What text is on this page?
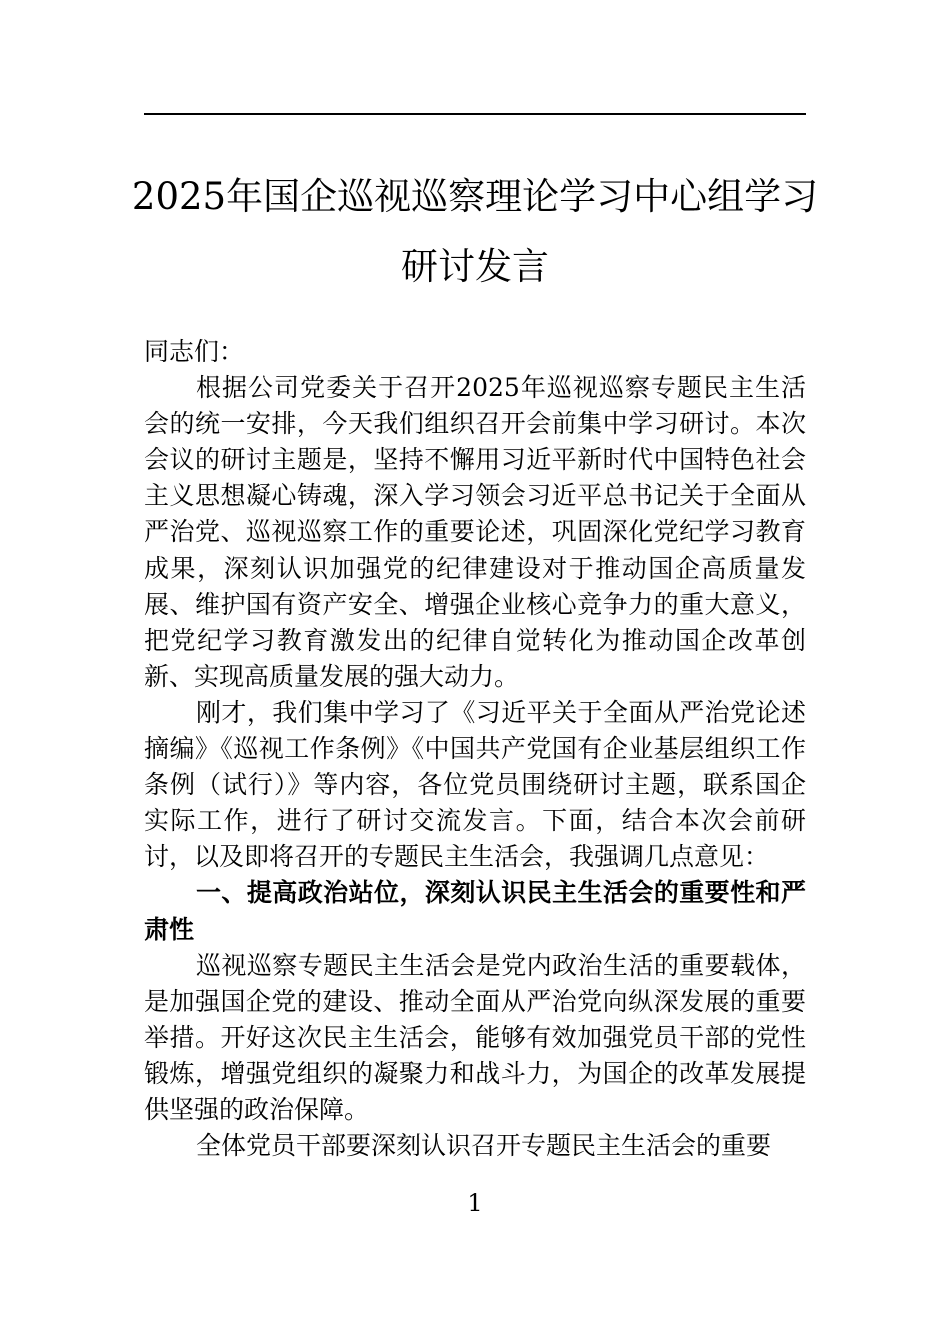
2025年国企巡视巡察理论学习中心组学习
研讨发言

同志们：

根据公司党委关于召开2025年巡视巡察专题民主生活会的统一安排，今天我们组织召开会前集中学习研讨。本次会议的研讨主题是，坚持不懈用习近平新时代中国特色社会主义思想凝心铸魂，深入学习领会习近平总书记关于全面从严治党、巡视巡察工作的重要论述，巩固深化党纪学习教育成果，深刻认识加强党的纪律建设对于推动国企高质量发展、维护国有资产安全、增强企业核心竞争力的重大意义，把党纪学习教育激发出的纪律自觉转化为推动国企改革创新、实现高质量发展的强大动力。

刚才，我们集中学习了《习近平关于全面从严治党论述摘编》《巡视工作条例》《中国共产党国有企业基层组织工作条例（试行）》等内容，各位党员围绕研讨主题，联系国企实际工作，进行了研讨交流发言。下面，结合本次会前研讨，以及即将召开的专题民主生活会，我强调几点意见：

一、提高政治站位，深刻认识民主生活会的重要性和严肃性

巡视巡察专题民主生活会是党内政治生活的重要载体，是加强国企党的建设、推动全面从严治党向纵深发展的重要举措。开好这次民主生活会，能够有效加强党员干部的党性锻炼，增强党组织的凝聚力和战斗力，为国企的改革发展提供坚强的政治保障。

全体党员干部要深刻认识召开专题民主生活会的重要

1
